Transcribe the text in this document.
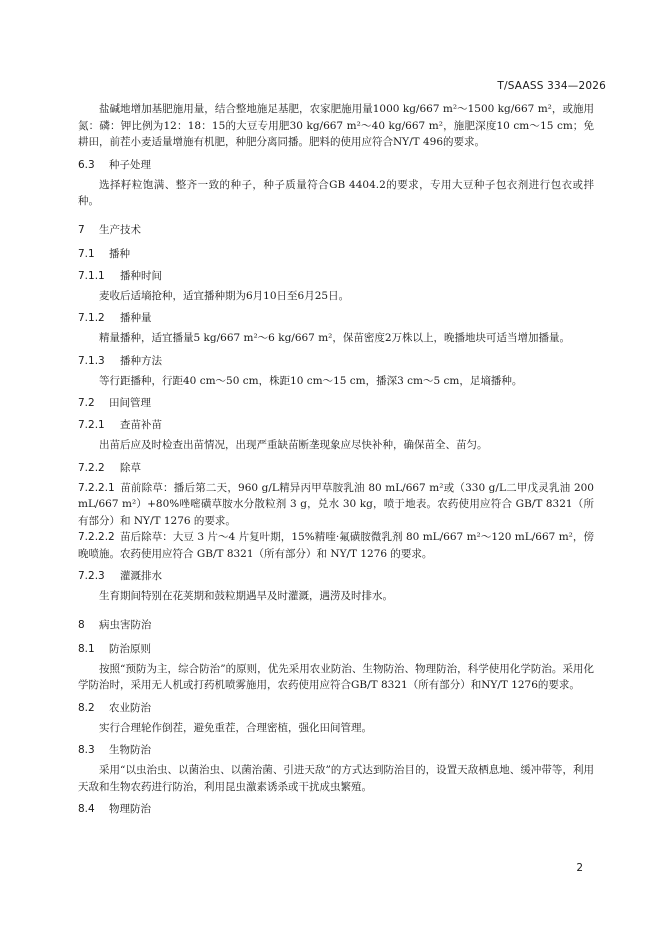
T/SAASS 334—2026

盐碱地增加基肥施用量，结合整地施足基肥，农家肥施用量1000 kg/667 m²～1500 kg/667 m²，或施用氮：磷：钾比例为12：18：15的大豆专用肥30 kg/667 m²～40 kg/667 m²，施肥深度10 cm～15 cm；免耕田，前茬小麦适量增施有机肥，种肥分离同播。肥料的使用应符合NY/T 496的要求。

6.3 种子处理

选择籽粒饱满、整齐一致的种子，种子质量符合GB 4404.2的要求，专用大豆种子包衣剂进行包衣或拌种。

7 生产技术
7.1 播种
7.1.1 播种时间

麦收后适墒抢种，适宜播种期为6月10日至6月25日。

7.1.2 播种量

精量播种，适宜播量5 kg/667 m²～6 kg/667 m²，保苗密度2万株以上，晚播地块可适当增加播量。

7.1.3 播种方法

等行距播种，行距40 cm～50 cm，株距10 cm～15 cm，播深3 cm～5 cm，足墒播种。

7.2 田间管理
7.2.1 查苗补苗

出苗后应及时检查出苗情况，出现严重缺苗断垄现象应尽快补种，确保苗全、苗匀。

7.2.2 除草

7.2.2.1 苗前除草：播后第二天，960 g/L精异丙甲草胺乳油 80 mL/667 m²或（330 g/L二甲戊灵乳油 200 mL/667 m²）+80%唑嘧磺草胺水分散粒剂 3 g，兑水 30 kg，喷于地表。农药使用应符合 GB/T 8321（所有部分）和 NY/T 1276 的要求。

7.2.2.2 苗后除草：大豆 3 片～4 片复叶期，15%精喹·氟磺胺微乳剂 80 mL/667 m²～120 mL/667 m²，傍晚喷施。农药使用应符合 GB/T 8321（所有部分）和 NY/T 1276 的要求。

7.2.3 灌溉排水

生育期间特别在花荚期和鼓粒期遇旱及时灌溉，遇涝及时排水。

8 病虫害防治
8.1 防治原则

按照“预防为主，综合防治”的原则，优先采用农业防治、生物防治、物理防治，科学使用化学防治。采用化学防治时，采用无人机或打药机喷雾施用，农药使用应符合GB/T 8321（所有部分）和NY/T 1276的要求。

8.2 农业防治

实行合理轮作倒茬，避免重茬，合理密植，强化田间管理。

8.3 生物防治

采用“以虫治虫、以菌治虫、以菌治菌、引进天敌”的方式达到防治目的，设置天敌栖息地、缓冲带等，利用天敌和生物农药进行防治，利用昆虫激素诱杀或干扰成虫繁殖。

8.4 物理防治
2
